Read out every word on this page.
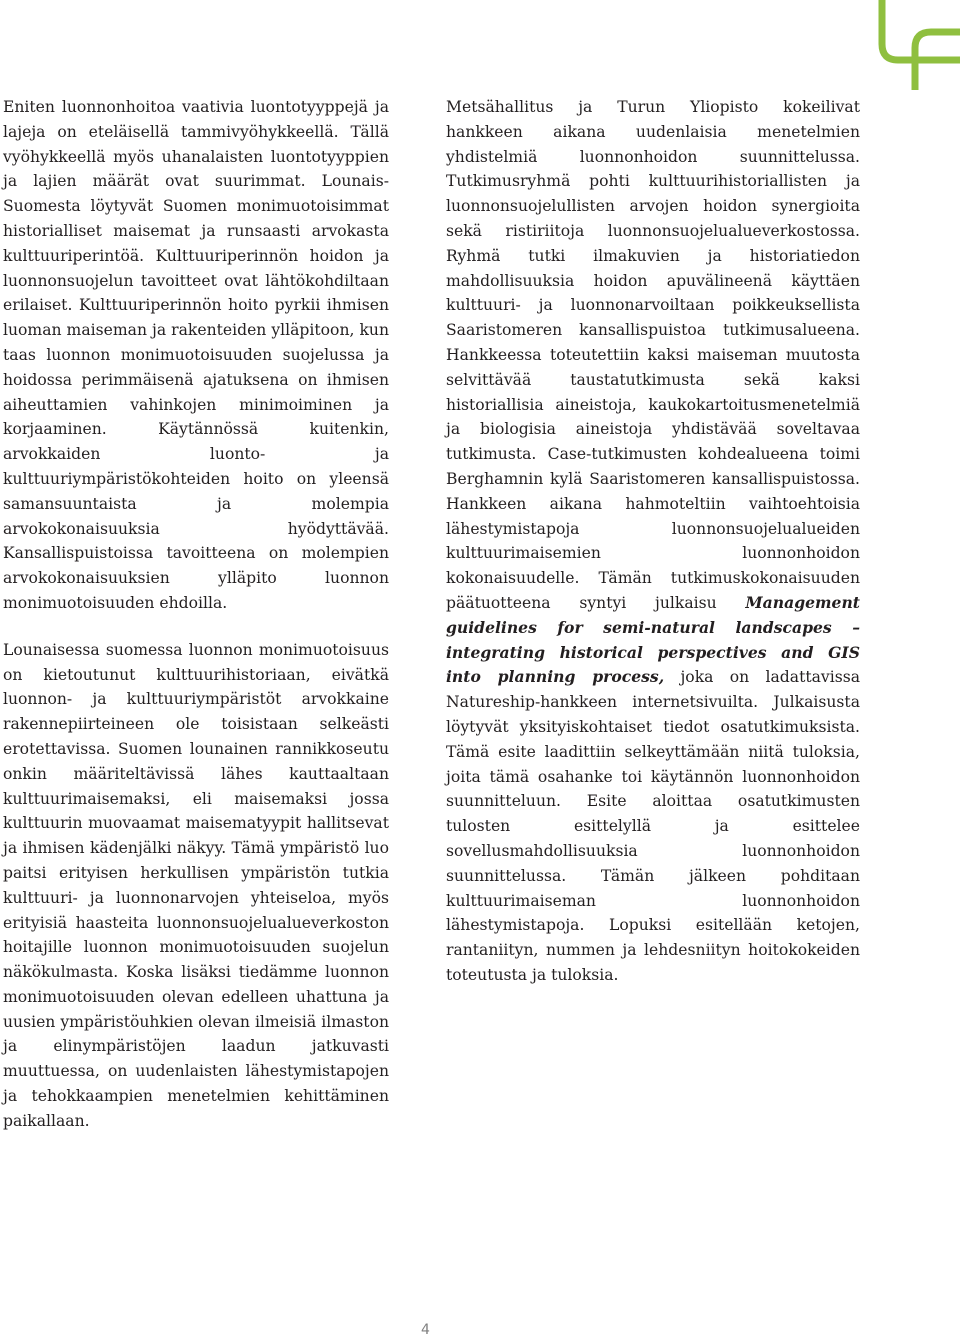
Eniten luonnonhoitoa vaativia luontotyyppejä ja lajeja on eteläisellä tammivyöhykkeellä. Tällä vyöhykkeellä myös uhanalaisten luontotyyppien ja lajien määrät ovat suurimmat. Lounais-Suomesta löytyvät Suomen monimuotoisimmat historialliset maisemat ja runsaasti arvokasta kulttuuriperintöä. Kulttuuriperinnön hoidon ja luonnonsuojelun tavoitteet ovat lähtökohdiltaan erilaiset. Kulttuuriperinnön hoito pyrkii ihmisen luoman maiseman ja rakenteiden ylläpitoon, kun taas luonnon monimuotoisuuden suojelussa ja hoidossa perimmäisenä ajatuksena on ihmisen aiheuttamien vahinkojen minimoiminen ja korjaaminen. Käytännössä kuitenkin, arvokkaiden luonto- ja kulttuuriympäristökohteiden hoito on yleensä samansuuntaista ja molempia arvokokonaisuuksia hyödyttävää. Kansallispuistoissa tavoitteena on molempien arvokokonaisuuksien ylläpito luonnon monimuotoisuuden ehdoilla.

Lounaisessa suomessa luonnon monimuotoisuus on kietoutunut kulttuurihistoriaan, eivätkä luonnon- ja kulttuuriympäristöt arvokkaine rakennepiirteineen ole toisistaan selkeästi erotettavissa. Suomen lounainen rannikkoseutu onkin määriteltävissä lähes kauttaaltaan kulttuurimaisemaksi, eli maisemaksi jossa kulttuurin muovaamat maisematyypit hallitsevat ja ihmisen kädenjälki näkyy. Tämä ympäristö luo paitsi erityisen herkullisen ympäristön tutkia kulttuuri- ja luonnonarvojen yhteiseloa, myös erityisiä haasteita luonnonsuojelualueverkoston hoitajille luonnon monimuotoisuuden suojelun näkökulmasta. Koska lisäksi tiedämme luonnon monimuotoisuuden olevan edelleen uhattuna ja uusien ympäristöuhkien olevan ilmeisiä ilmaston ja elinympäristöjen laadun jatkuvasti muuttuessa, on uudenlaisten lähestymistapojen ja tehokkaampien menetelmien kehittäminen paikallaan.

Metsähallitus ja Turun Yliopisto kokeilivat hankkeen aikana uudenlaisia menetelmien yhdistelmiä luonnonhoidon suunnittelussa. Tutkimusryhmä pohti kulttuurihistoriallisten ja luonnonsuojelullisten arvojen hoidon synergioita sekä ristiriitoja luonnonsuojelualueverkostossa. Ryhmä tutki ilmakuvien ja historiatiedon mahdollisuuksia hoidon apuvälineenä käyttäen kulttuuri- ja luonnonarvoiltaan poikkeuksellista Saaristomeren kansallispuistoa tutkimusalueena. Hankkeessa toteutettiin kaksi maiseman muutosta selvittävää taustatutkimusta sekä kaksi historiallisia aineistoja, kaukokartoitusmenetelmiä ja biologisia aineistoja yhdistävää soveltavaa tutkimusta. Case-tutkimusten kohdealueena toimi Berghamnin kylä Saaristomeren kansallispuistossa. Hankkeen aikana hahmoteltiin vaihtoehtoisia lähestymistapoja luonnonsuojelualueiden kulttuurimaisemien luonnonhoidon kokonaisuudelle. Tämän tutkimuskokonaisuuden päätuotteena syntyi julkaisu Management guidelines for semi-natural landscapes – integrating historical perspectives and GIS into planning process, joka on ladattavissa Natureship-hankkeen internetsivuilta. Julkaisusta löytyvät yksityiskohtaiset tiedot osatutkimuksista. Tämä esite laadittiin selkeyttämään niitä tuloksia, joita tämä osahanke toi käytännön luonnonhoidon suunnitteluun. Esite aloittaa osatutkimusten tulosten esittelyllä ja esittelee sovellusmahdollisuuksia luonnonhoidon suunnittelussa. Tämän jälkeen pohditaan kulttuurimaiseman luonnonhoidon lähestymistapoja. Lopuksi esitellään ketojen, rantaniityn, nummen ja lehdesniityn hoitokokeiden toteutusta ja tuloksia.

4
